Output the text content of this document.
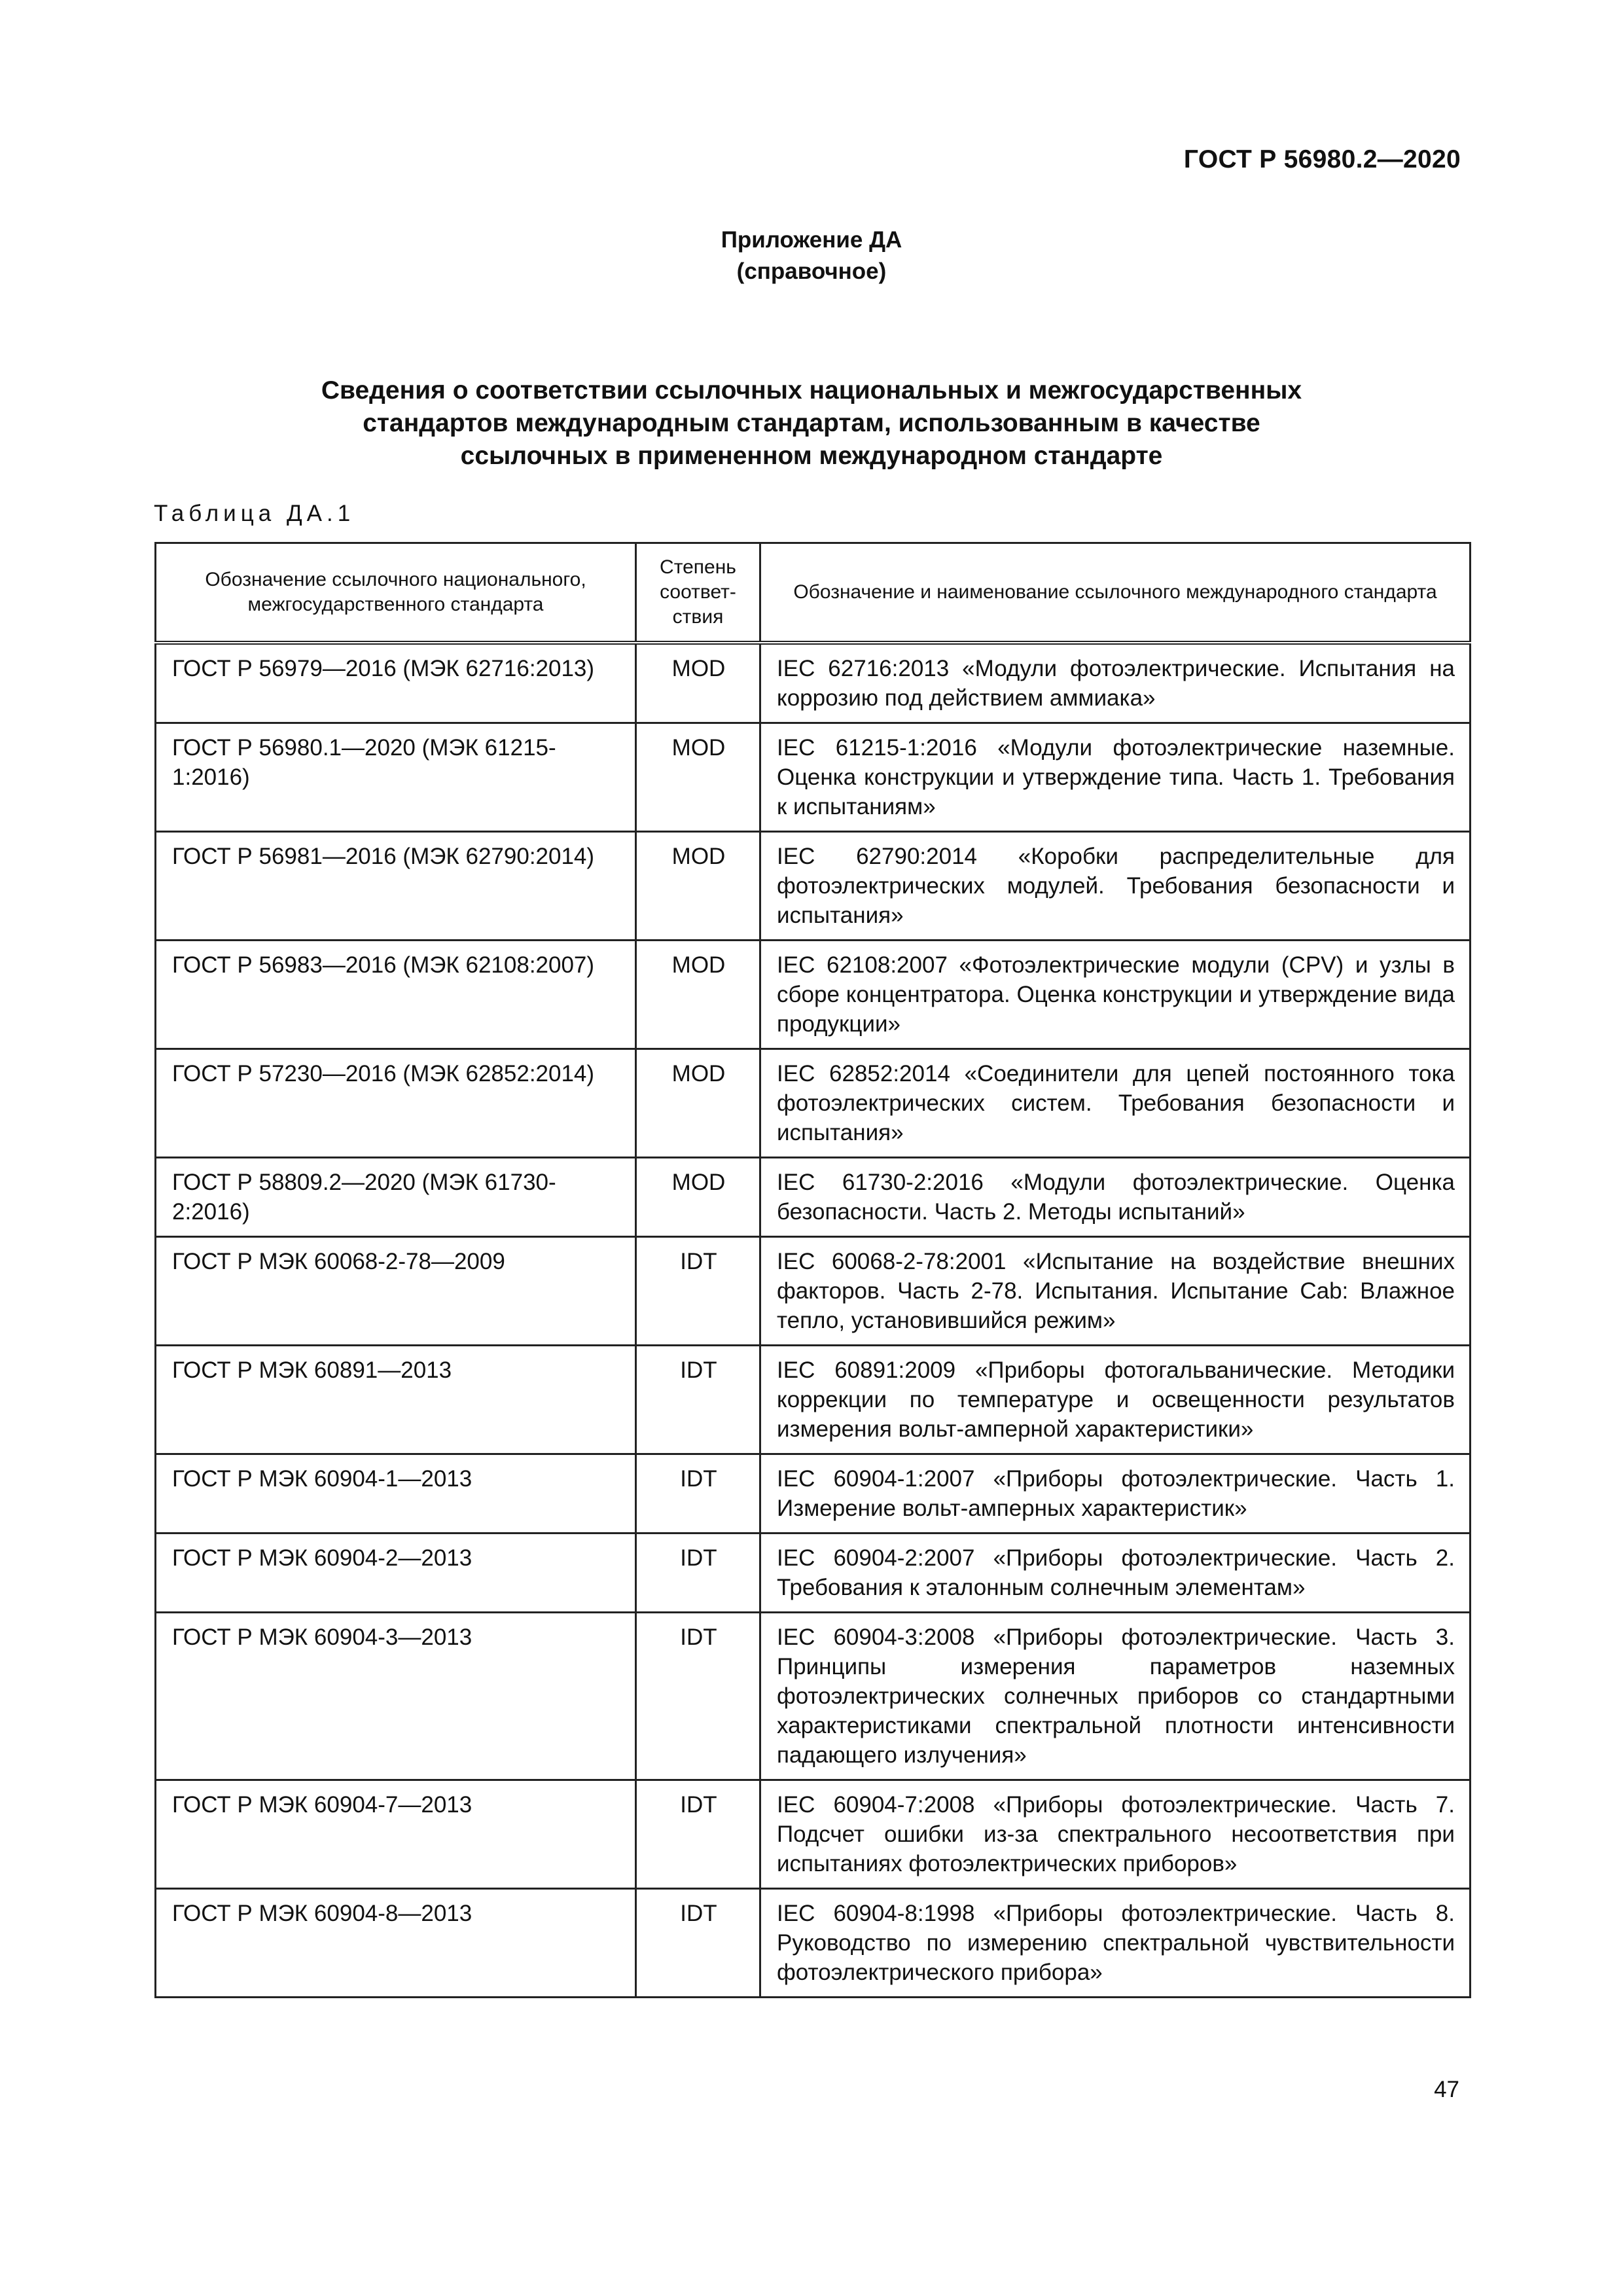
ГОСТ Р 56980.2—2020
Приложение ДА
(справочное)
Сведения о соответствии ссылочных национальных и межгосударственных
стандартов международным стандартам, использованным в качестве
ссылочных в примененном международном стандарте
Таблица ДА.1
Обозначение ссылочного национального, межгосударственного стандарта	Степень соответ-ствия	Обозначение и наименование ссылочного международного стандарта
ГОСТ Р 56979—2016 (МЭК 62716:2013)	MOD	IEC 62716:2013 «Модули фотоэлектрические. Испытания на коррозию под действием аммиака»
ГОСТ Р 56980.1—2020 (МЭК 61215-1:2016)	MOD	IEC 61215-1:2016 «Модули фотоэлектрические наземные. Оценка конструкции и утверждение типа. Часть 1. Требования к испытаниям»
ГОСТ Р 56981—2016 (МЭК 62790:2014)	MOD	IEC 62790:2014 «Коробки распределительные для фотоэлектрических модулей. Требования безопасности и испытания»
ГОСТ Р 56983—2016 (МЭК 62108:2007)	MOD	IEC 62108:2007 «Фотоэлектрические модули (CPV) и узлы в сборе концентратора. Оценка конструкции и утверждение вида продукции»
ГОСТ Р 57230—2016 (МЭК 62852:2014)	MOD	IEC 62852:2014 «Соединители для цепей постоянного тока фотоэлектрических систем. Требования безопасности и испытания»
ГОСТ Р 58809.2—2020 (МЭК 61730-2:2016)	MOD	IEC 61730-2:2016 «Модули фотоэлектрические. Оценка безопасности. Часть 2. Методы испытаний»
ГОСТ Р МЭК 60068-2-78—2009	IDT	IEC 60068-2-78:2001 «Испытание на воздействие внешних факторов. Часть 2-78. Испытания. Испытание Cab: Влажное тепло, установившийся режим»
ГОСТ Р МЭК 60891—2013	IDT	IEC 60891:2009 «Приборы фотогальванические. Методики коррекции по температуре и освещенности результатов измерения вольт-амперной характеристики»
ГОСТ Р МЭК 60904-1—2013	IDT	IEC 60904-1:2007 «Приборы фотоэлектрические. Часть 1. Измерение вольт-амперных характеристик»
ГОСТ Р МЭК 60904-2—2013	IDT	IEC 60904-2:2007 «Приборы фотоэлектрические. Часть 2. Требования к эталонным солнечным элементам»
ГОСТ Р МЭК 60904-3—2013	IDT	IEC 60904-3:2008 «Приборы фотоэлектрические. Часть 3. Принципы измерения параметров наземных фотоэлектрических солнечных приборов со стандартными характеристиками спектральной плотности интенсивности падающего излучения»
ГОСТ Р МЭК 60904-7—2013	IDT	IEC 60904-7:2008 «Приборы фотоэлектрические. Часть 7. Подсчет ошибки из-за спектрального несоответствия при испытаниях фотоэлектрических приборов»
ГОСТ Р МЭК 60904-8—2013	IDT	IEC 60904-8:1998 «Приборы фотоэлектрические. Часть 8. Руководство по измерению спектральной чувствительности фотоэлектрического прибора»
47
